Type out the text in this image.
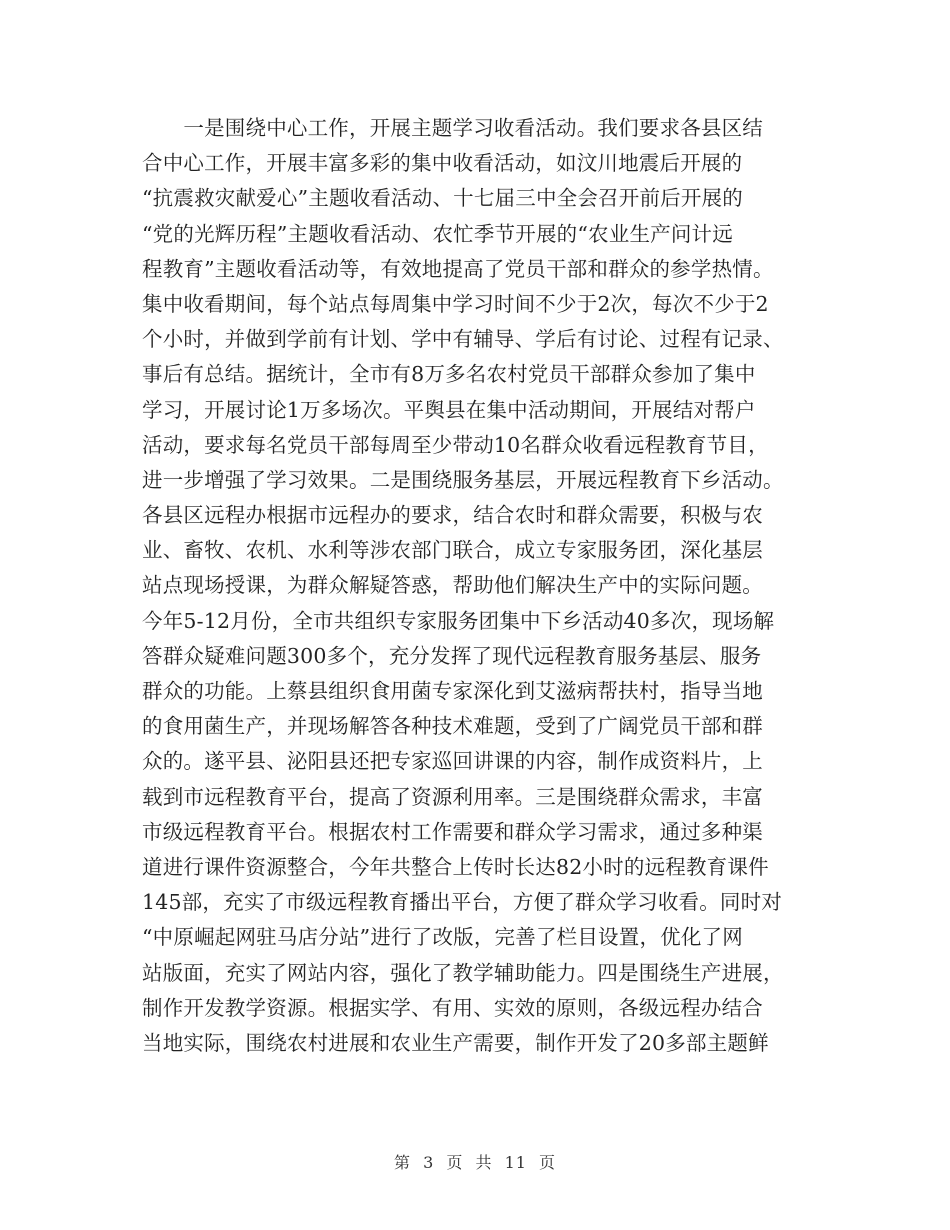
　　一是围绕中心工作，开展主题学习收看活动。我们要求各县区结
合中心工作，开展丰富多彩的集中收看活动，如汶川地震后开展的
“抗震救灾献爱心”主题收看活动、十七届三中全会召开前后开展的
“党的光辉历程”主题收看活动、农忙季节开展的“农业生产问计远
程教育”主题收看活动等，有效地提高了党员干部和群众的参学热情。
集中收看期间，每个站点每周集中学习时间不少于2次，每次不少于2
个小时，并做到学前有计划、学中有辅导、学后有讨论、过程有记录、
事后有总结。据统计，全市有8万多名农村党员干部群众参加了集中
学习，开展讨论1万多场次。平舆县在集中活动期间，开展结对帮户
活动，要求每名党员干部每周至少带动10名群众收看远程教育节目，
进一步增强了学习效果。二是围绕服务基层，开展远程教育下乡活动。
各县区远程办根据市远程办的要求，结合农时和群众需要，积极与农
业、畜牧、农机、水利等涉农部门联合，成立专家服务团，深化基层
站点现场授课，为群众解疑答惑，帮助他们解决生产中的实际问题。
今年5-12月份，全市共组织专家服务团集中下乡活动40多次，现场解
答群众疑难问题300多个，充分发挥了现代远程教育服务基层、服务
群众的功能。上蔡县组织食用菌专家深化到艾滋病帮扶村，指导当地
的食用菌生产，并现场解答各种技术难题，受到了广阔党员干部和群
众的。遂平县、泌阳县还把专家巡回讲课的内容，制作成资料片，上
载到市远程教育平台，提高了资源利用率。三是围绕群众需求，丰富
市级远程教育平台。根据农村工作需要和群众学习需求，通过多种渠
道进行课件资源整合，今年共整合上传时长达82小时的远程教育课件
145部，充实了市级远程教育播出平台，方便了群众学习收看。同时对
“中原崛起网驻马店分站”进行了改版，完善了栏目设置，优化了网
站版面，充实了网站内容，强化了教学辅助能力。四是围绕生产进展，
制作开发教学资源。根据实学、有用、实效的原则，各级远程办结合
当地实际，围绕农村进展和农业生产需要，制作开发了20多部主题鲜
第 3 页 共 11 页
